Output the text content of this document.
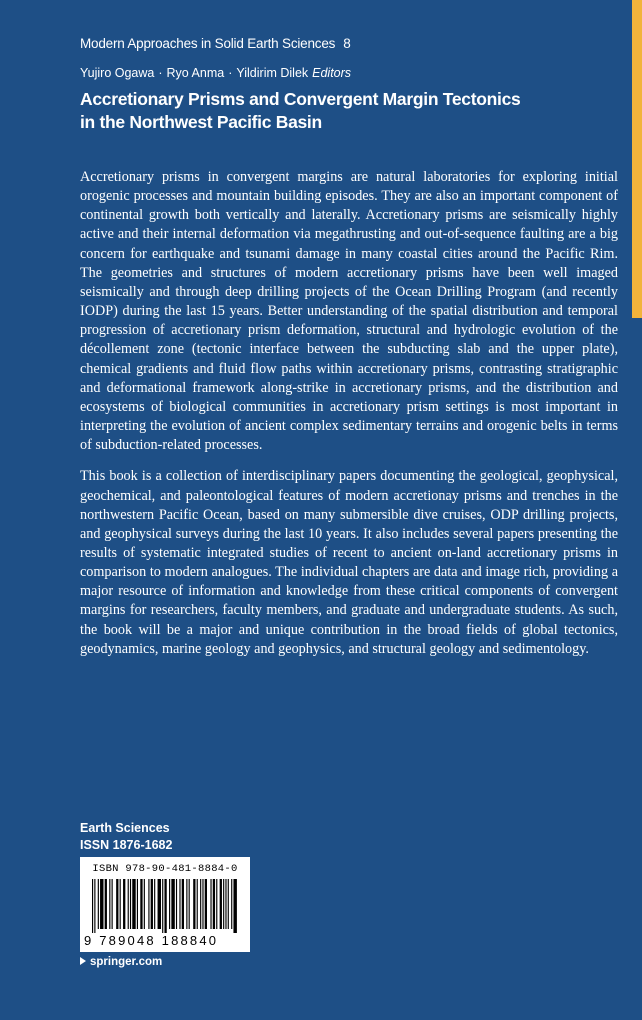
Modern Approaches in Solid Earth Sciences 8
Yujiro Ogawa · Ryo Anma · Yildirim Dilek Editors
Accretionary Prisms and Convergent Margin Tectonics
in the Northwest Pacific Basin

Accretionary prisms in convergent margins are natural laboratories for exploring initial orogenic processes and mountain building episodes. They are also an important component of continental growth both vertically and laterally. Accretionary prisms are seismically highly active and their internal deformation via megathrusting and out-of-sequence faulting are a big concern for earthquake and tsunami damage in many coastal cities around the Pacific Rim. The geometries and structures of modern accretionary prisms have been well imaged seismically and through deep drilling projects of the Ocean Drilling Program (and recently IODP) during the last 15 years. Better understanding of the spatial distribution and temporal progression of accretionary prism deformation, structural and hydrologic evolution of the décollement zone (tectonic interface between the subducting slab and the upper plate), chemical gradients and fluid flow paths within accretionary prisms, contrasting stratigraphic and deformational framework along-strike in accretionary prisms, and the distribution and ecosystems of biological communities in accretionary prism settings is most important in interpreting the evolution of ancient complex sedimentary terrains and orogenic belts in terms of subduction-related processes.

This book is a collection of interdisciplinary papers documenting the geological, geophysical, geochemical, and paleontological features of modern accretionay prisms and trenches in the northwestern Pacific Ocean, based on many submersible dive cruises, ODP drilling projects, and geophysical surveys during the last 10 years. It also includes several papers presenting the results of systematic integrated studies of recent to ancient on-land accretionary prisms in comparison to modern analogues. The individual chapters are data and image rich, providing a major resource of information and knowledge from these critical components of convergent margins for researchers, faculty members, and graduate and undergraduate students. As such, the book will be a major and unique contribution in the broad fields of global tectonics, geodynamics, marine geology and geophysics, and structural geology and sedimentology.

Earth Sciences
ISSN 1876-1682
ISBN 978-90-481-8884-0
9 789048 188840
springer.com
